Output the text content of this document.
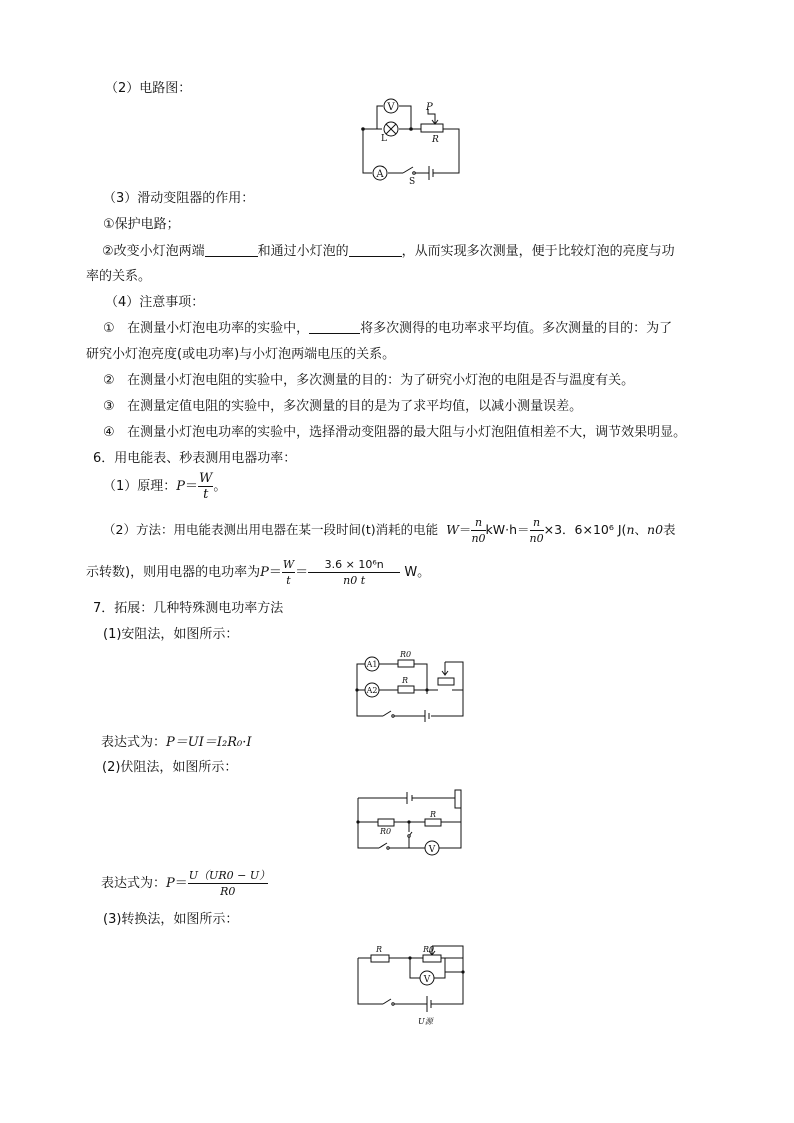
（2）电路图：
V
L
P
R
A
S
（3）滑动变阻器的作用：
①保护电路；
②改变小灯泡两端	和通过小灯泡的	，从而实现多次测量，便于比较灯泡的亮度与功
率的关系。
（4）注意事项：
① 在测量小灯泡电功率的实验中，	将多次测得的电功率求平均值。多次测量的目的：为了
研究小灯泡亮度(或电功率)与小灯泡两端电压的关系。
② 在测量小灯泡电阻的实验中，多次测量的目的：为了研究小灯泡的电阻是否与温度有关。
③ 在测量定值电阻的实验中，多次测量的目的是为了求平均值，以减小测量误差。
④ 在测量小灯泡电功率的实验中，选择滑动变阻器的最大阻与小灯泡阻值相差不大，调节效果明显。
6．用电能表、秒表测用电器功率：
（1）原理：$P= \frac{W}{t}$ 。
（2）方法：用电能表测出用电器在某一段时间(t)消耗的电能 $W= \frac{n}{n0} kW\cdot h= \frac{n}{n0} \times 3$．6×10⁶ J(n、n0表
示转数)，则用电器的电功率为$P= \frac{W}{t} = \frac{\text{3.6 × 10⁶n}}{n0 t}$ W。
7．拓展：几种特殊测电功率方法
(1)安阻法，如图所示：
A1
A2
R0
R
表达式为：P＝UI＝I₂R₀·I
(2)伏阻法，如图所示：
R0
R
V
表达式为：$P= \frac{U(UR0 - U)}{R0}$
(3)转换法，如图所示：
R	R0
V
U源
